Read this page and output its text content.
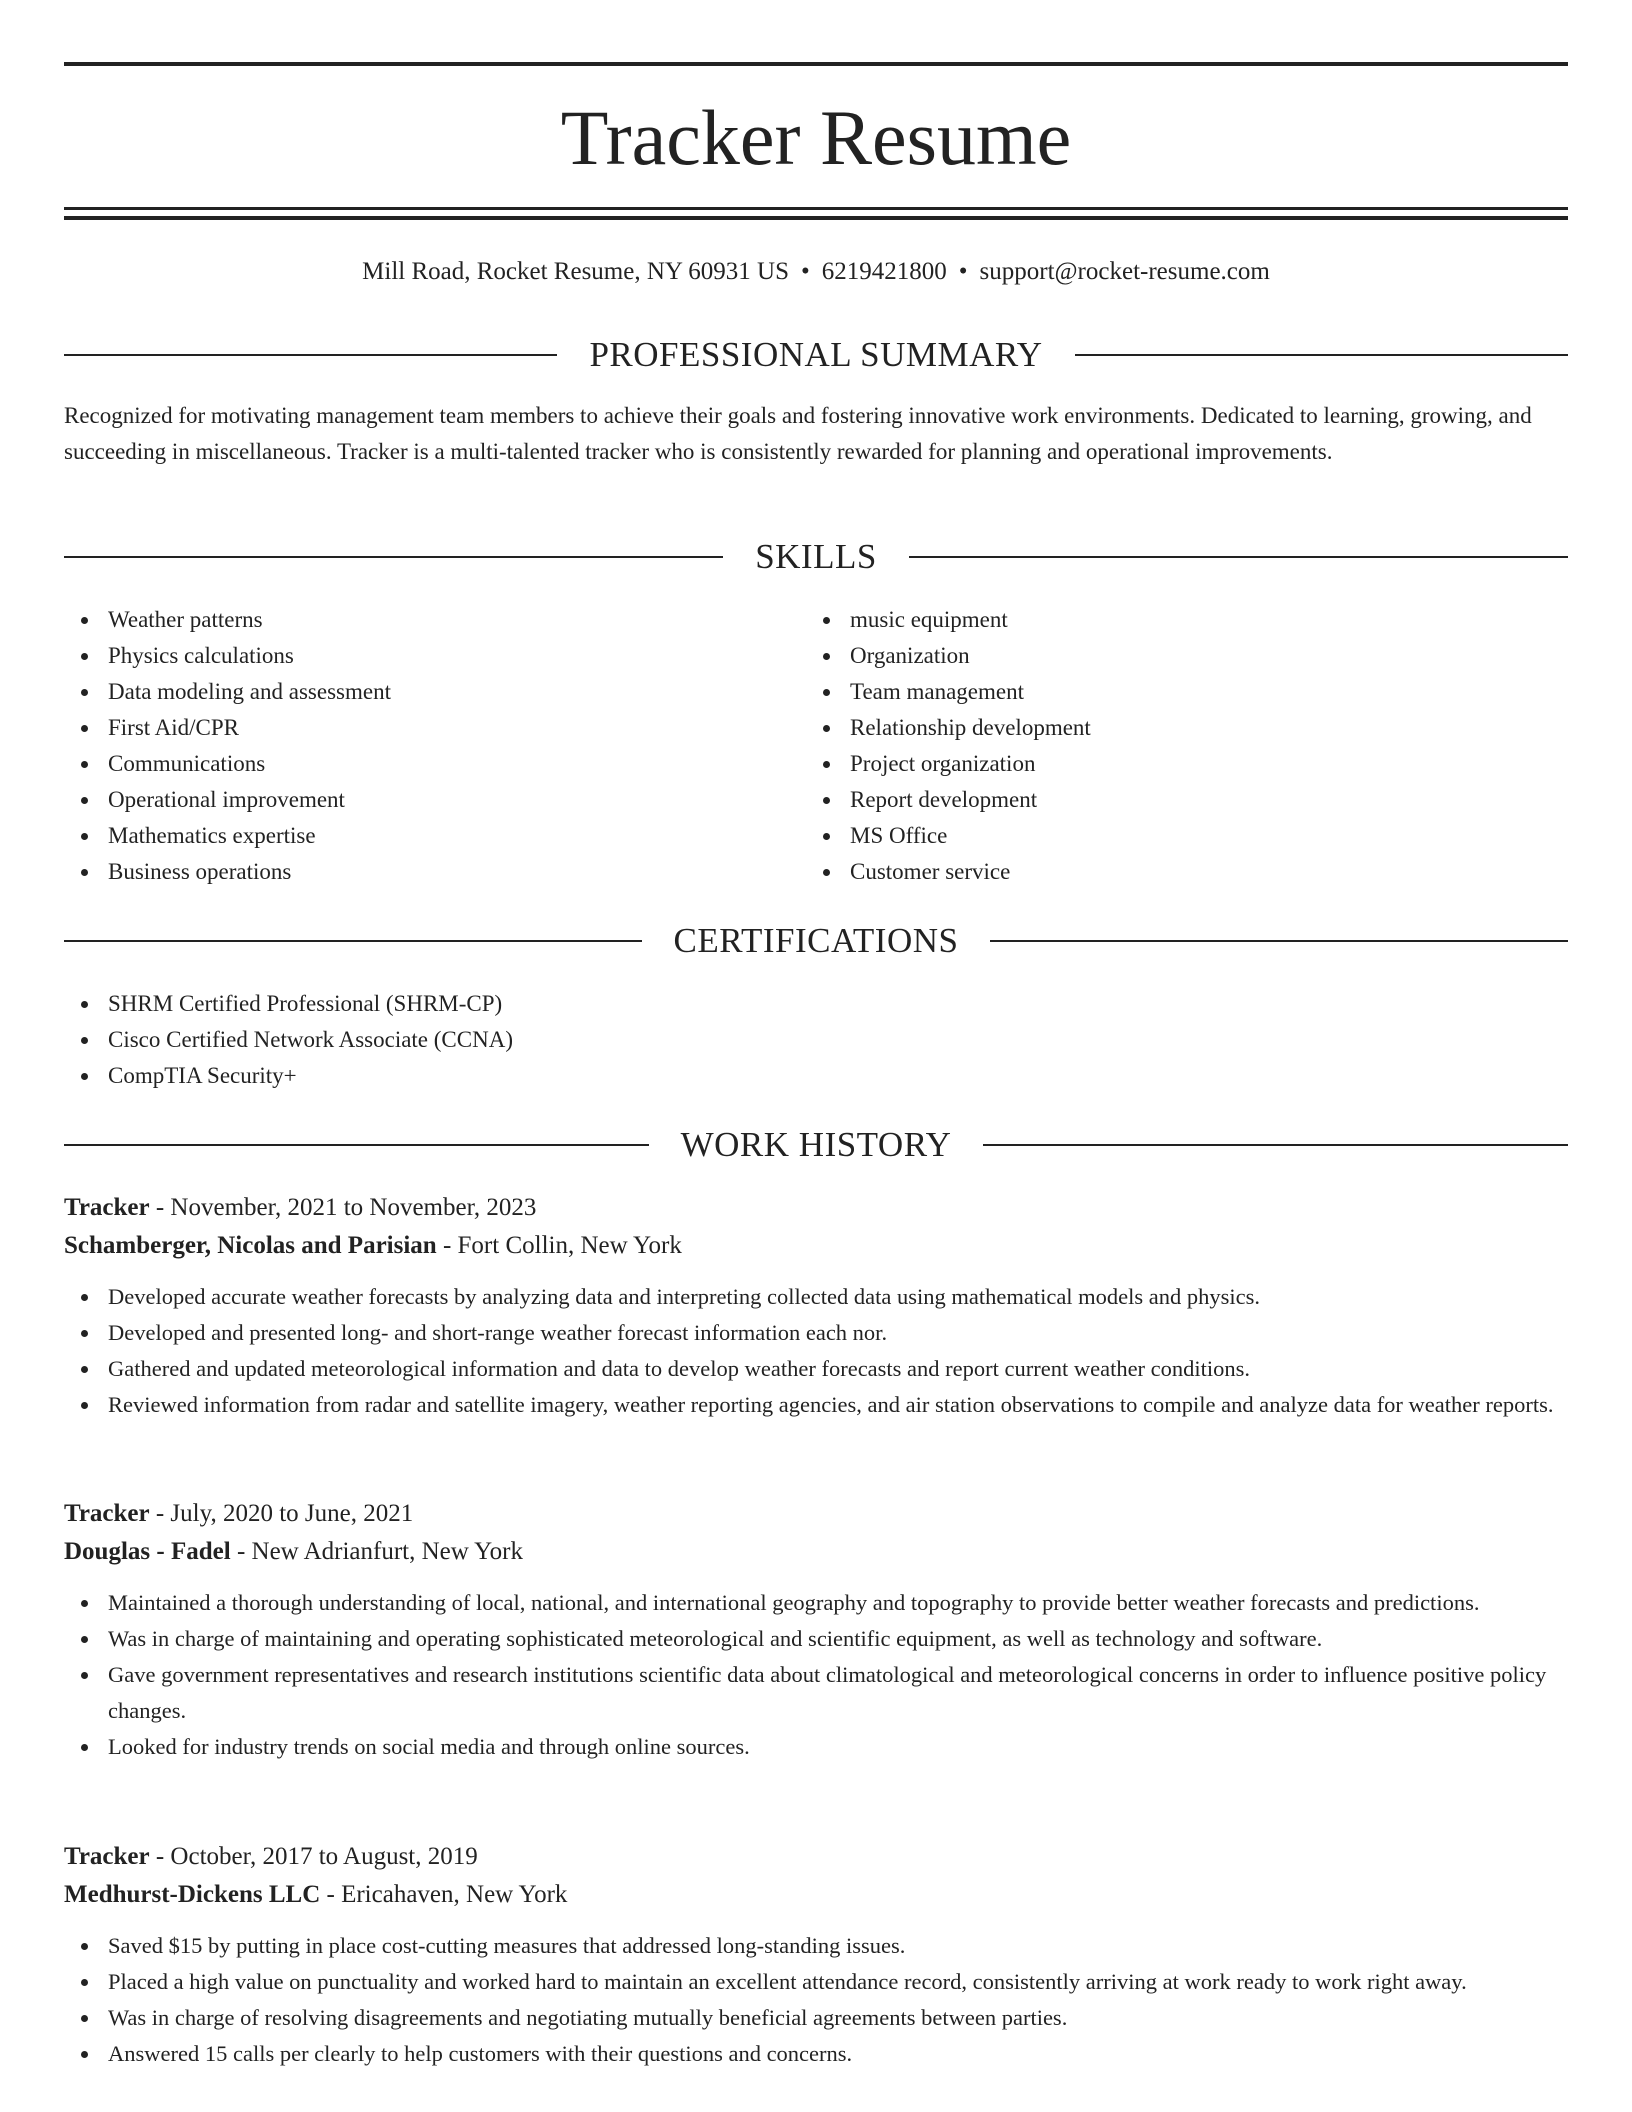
Tracker Resume
Mill Road, Rocket Resume, NY 60931 US • 6219421800 • support@rocket-resume.com
PROFESSIONAL SUMMARY
Recognized for motivating management team members to achieve their goals and fostering innovative work environments. Dedicated to learning, growing, and succeeding in miscellaneous. Tracker is a multi-talented tracker who is consistently rewarded for planning and operational improvements.
SKILLS
Weather patterns
Physics calculations
Data modeling and assessment
First Aid/CPR
Communications
Operational improvement
Mathematics expertise
Business operations
music equipment
Organization
Team management
Relationship development
Project organization
Report development
MS Office
Customer service
CERTIFICATIONS
SHRM Certified Professional (SHRM-CP)
Cisco Certified Network Associate (CCNA)
CompTIA Security+
WORK HISTORY
Tracker - November, 2021 to November, 2023
Schamberger, Nicolas and Parisian - Fort Collin, New York
Developed accurate weather forecasts by analyzing data and interpreting collected data using mathematical models and physics.
Developed and presented long- and short-range weather forecast information each nor.
Gathered and updated meteorological information and data to develop weather forecasts and report current weather conditions.
Reviewed information from radar and satellite imagery, weather reporting agencies, and air station observations to compile and analyze data for weather reports.
Tracker - July, 2020 to June, 2021
Douglas - Fadel - New Adrianfurt, New York
Maintained a thorough understanding of local, national, and international geography and topography to provide better weather forecasts and predictions.
Was in charge of maintaining and operating sophisticated meteorological and scientific equipment, as well as technology and software.
Gave government representatives and research institutions scientific data about climatological and meteorological concerns in order to influence positive policy changes.
Looked for industry trends on social media and through online sources.
Tracker - October, 2017 to August, 2019
Medhurst-Dickens LLC - Ericahaven, New York
Saved $15 by putting in place cost-cutting measures that addressed long-standing issues.
Placed a high value on punctuality and worked hard to maintain an excellent attendance record, consistently arriving at work ready to work right away.
Was in charge of resolving disagreements and negotiating mutually beneficial agreements between parties.
Answered 15 calls per clearly to help customers with their questions and concerns.
